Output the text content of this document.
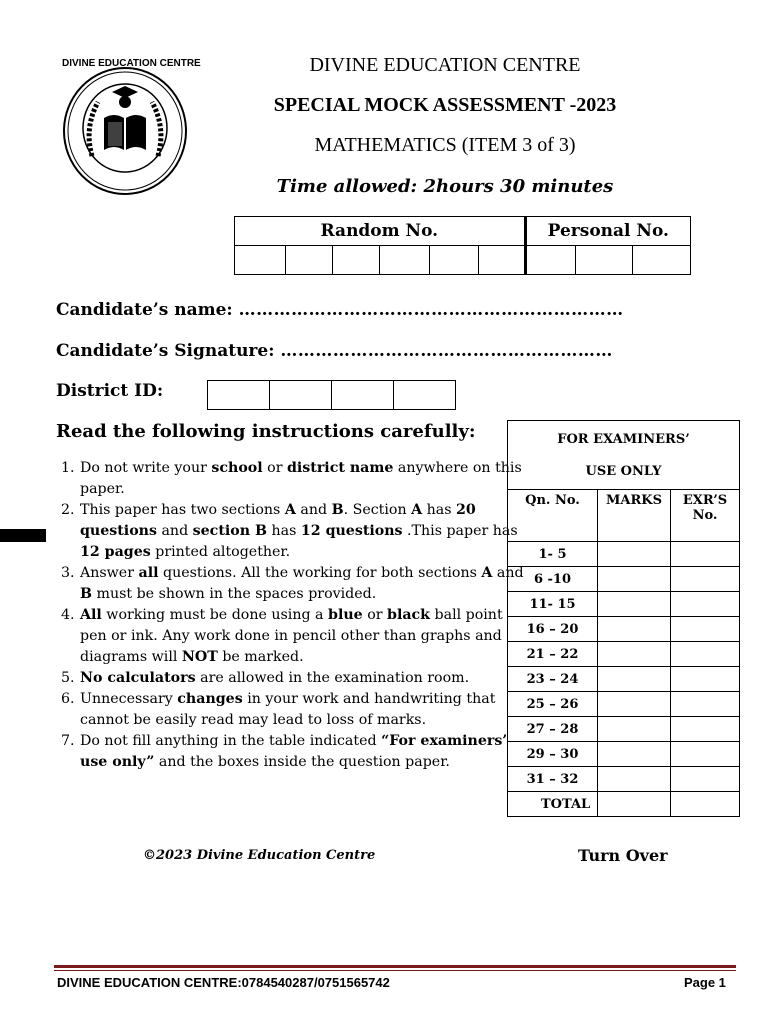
DIVINE EDUCATION CENTRE	DIVINE EDUCATION CENTRE
SPECIAL MOCK ASSESSMENT -2023
MATHEMATICS (ITEM 3 of 3)
Time allowed: 2hours 30 minutes
Random No.						Personal No.		

Candidate’s name: …………………………………………………………
Candidate’s Signature: …………………………………………………
District ID:

Read the following instructions carefully:
1. Do not write your school or district name anywhere on this paper.
2. This paper has two sections A and B. Section A has 20 questions and section B has 12 questions .This paper has 12 pages printed altogether.
3. Answer all questions. All the working for both sections A and B must be shown in the spaces provided.
4. All working must be done using a blue or black ball point pen or ink. Any work done in pencil other than graphs and diagrams will NOT be marked.
5. No calculators are allowed in the examination room.
6. Unnecessary changes in your work and handwriting that cannot be easily read may lead to loss of marks.
7. Do not fill anything in the table indicated “For examiners’ use only” and the boxes inside the question paper.
FOR EXAMINERS’
USE ONLY		

Qn. No.	MARKS	EXR’S No.
1- 5		
6 -10		
11- 15		
16 – 20		
21 – 22		
23 – 24		
25 – 26		
27 – 28		
29 – 30		
31 – 32		
TOTAL		
©2023 Divine Education Centre	Turn Over
DIVINE EDUCATION CENTRE:0784540287/0751565742	Page 1
